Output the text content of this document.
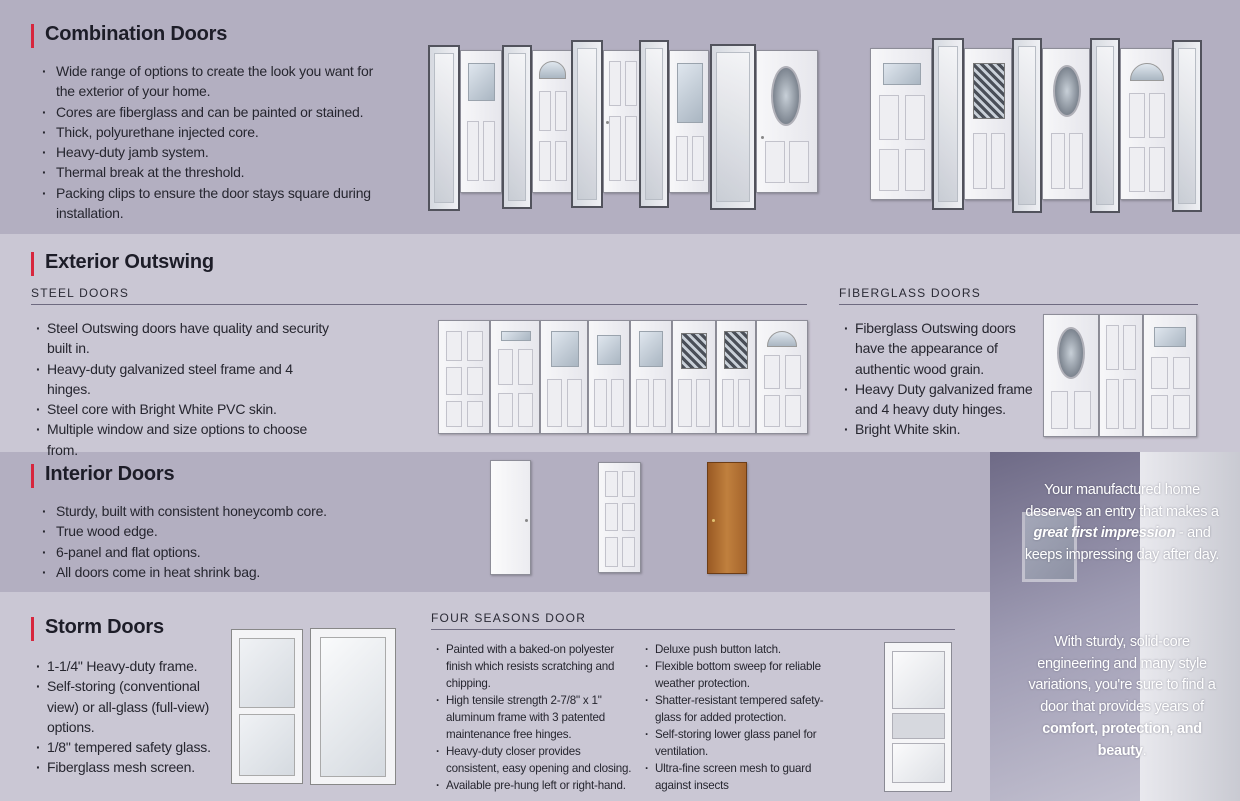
Combination Doors
· Wide range of options to create the look you want for the exterior of your home.
· Cores are fiberglass and can be painted or stained.
· Thick, polyurethane injected core.
· Heavy-duty jamb system.
· Thermal break at the threshold.
· Packing clips to ensure the door stays square during installation.
Exterior Outswing
STEEL DOORS	FIBERGLASS DOORS
· Steel Outswing doors have quality and security built in.
· Heavy-duty galvanized steel frame and 4 hinges.
· Steel core with Bright White PVC skin.
· Multiple window and size options to choose from.
· Fiberglass Outswing doors have the appearance of authentic wood grain.
· Heavy Duty galvanized frame and 4 heavy duty hinges.
· Bright White skin.
Interior Doors
· Sturdy, built with consistent honeycomb core.
· True wood edge.
· 6-panel and flat options.
· All doors come in heat shrink bag.
Storm Doors
· 1-1/4" Heavy-duty frame.
· Self-storing (conventional view) or all-glass (full-view) options.
· 1/8" tempered safety glass.
· Fiberglass mesh screen.
FOUR SEASONS DOOR
· Painted with a baked-on polyester finish which resists scratching and chipping.
· High tensile strength 2-7/8" x 1" aluminum frame with 3 patented maintenance free hinges.
· Heavy-duty closer provides consistent, easy opening and closing.
· Available pre-hung left or right-hand.
· Deluxe push button latch.
· Flexible bottom sweep for reliable weather protection.
· Shatter-resistant tempered safety-glass for added protection.
· Self-storing lower glass panel for ventilation.
· Ultra-fine screen mesh to guard against insects
Your manufactured home deserves an entry that makes a great first impression - and keeps impressing day after day.
With sturdy, solid-core engineering and many style variations, you're sure to find a door that provides years of comfort, protection, and beauty.
